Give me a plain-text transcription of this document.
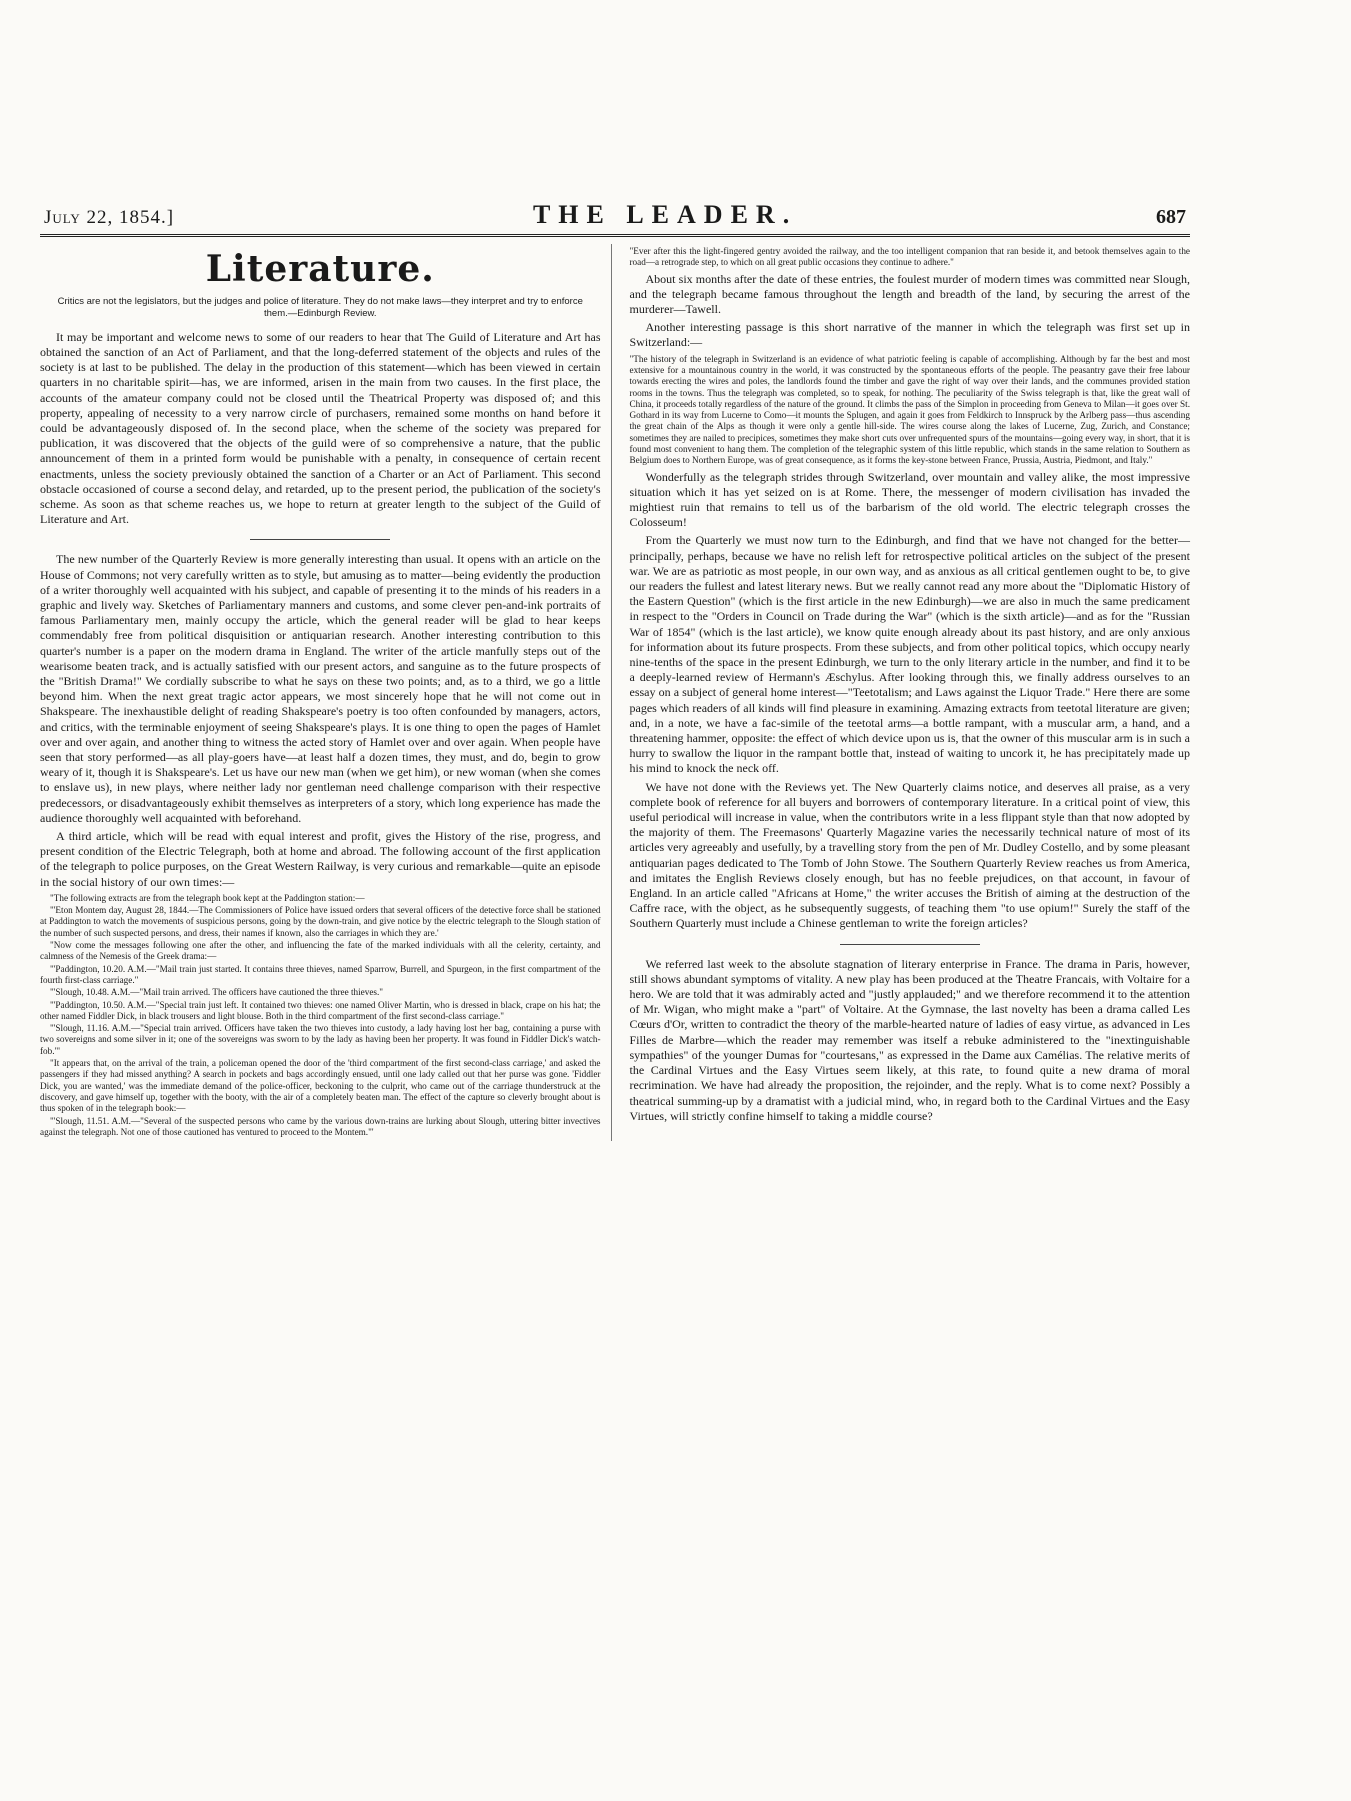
July 22, 1854.]	THE LEADER.	687
Literature.
Critics are not the legislators, but the judges and police of literature. They do not make laws—they interpret and try to enforce them.—Edinburgh Review.

It may be important and welcome news to some of our readers to hear that The Guild of Literature and Art has obtained the sanction of an Act of Parliament, and that the long-deferred statement of the objects and rules of the society is at last to be published. The delay in the production of this statement—which has been viewed in certain quarters in no charitable spirit—has, we are informed, arisen in the main from two causes. In the first place, the accounts of the amateur company could not be closed until the Theatrical Property was disposed of; and this property, appealing of necessity to a very narrow circle of purchasers, remained some months on hand before it could be advantageously disposed of. In the second place, when the scheme of the society was prepared for publication, it was discovered that the objects of the guild were of so comprehensive a nature, that the public announcement of them in a printed form would be punishable with a penalty, in consequence of certain recent enactments, unless the society previously obtained the sanction of a Charter or an Act of Parliament. This second obstacle occasioned of course a second delay, and retarded, up to the present period, the publication of the society's scheme. As soon as that scheme reaches us, we hope to return at greater length to the subject of the Guild of Literature and Art.

The new number of the Quarterly Review is more generally interesting than usual. It opens with an article on the House of Commons; not very carefully written as to style, but amusing as to matter—being evidently the production of a writer thoroughly well acquainted with his subject, and capable of presenting it to the minds of his readers in a graphic and lively way. Sketches of Parliamentary manners and customs, and some clever pen-and-ink portraits of famous Parliamentary men, mainly occupy the article, which the general reader will be glad to hear keeps commendably free from political disquisition or antiquarian research. Another interesting contribution to this quarter's number is a paper on the modern drama in England. The writer of the article manfully steps out of the wearisome beaten track, and is actually satisfied with our present actors, and sanguine as to the future prospects of the "British Drama!" We cordially subscribe to what he says on these two points; and, as to a third, we go a little beyond him. When the next great tragic actor appears, we most sincerely hope that he will not come out in Shakspeare. The inexhaustible delight of reading Shakspeare's poetry is too often confounded by managers, actors, and critics, with the terminable enjoyment of seeing Shakspeare's plays. It is one thing to open the pages of Hamlet over and over again, and another thing to witness the acted story of Hamlet over and over again. When people have seen that story performed—as all play-goers have—at least half a dozen times, they must, and do, begin to grow weary of it, though it is Shakspeare's. Let us have our new man (when we get him), or new woman (when she comes to enslave us), in new plays, where neither lady nor gentleman need challenge comparison with their respective predecessors, or disadvantageously exhibit themselves as interpreters of a story, which long experience has made the audience thoroughly well acquainted with beforehand.

A third article, which will be read with equal interest and profit, gives the History of the rise, progress, and present condition of the Electric Telegraph, both at home and abroad. The following account of the first application of the telegraph to police purposes, on the Great Western Railway, is very curious and remarkable—quite an episode in the social history of our own times:—

"The following extracts are from the telegraph book kept at the Paddington station:—
"'Eton Montem day, August 28, 1844.—The Commissioners of Police have issued orders that several officers of the detective force shall be stationed at Paddington to watch the movements of suspicious persons, going by the down-train, and give notice by the electric telegraph to the Slough station of the number of such suspected persons, and dress, their names if known, also the carriages in which they are.'
"Now come the messages following one after the other, and influencing the fate of the marked individuals with all the celerity, certainty, and calmness of the Nemesis of the Greek drama:—
"'Paddington, 10.20. A.M.—"Mail train just started. It contains three thieves, named Sparrow, Burrell, and Spurgeon, in the first compartment of the fourth first-class carriage."
"'Slough, 10.48. A.M.—"Mail train arrived. The officers have cautioned the three thieves."
"'Paddington, 10.50. A.M.—"Special train just left. It contained two thieves: one named Oliver Martin, who is dressed in black, crape on his hat; the other named Fiddler Dick, in black trousers and light blouse. Both in the third compartment of the first second-class carriage."
"'Slough, 11.16. A.M.—"Special train arrived. Officers have taken the two thieves into custody, a lady having lost her bag, containing a purse with two sovereigns and some silver in it; one of the sovereigns was sworn to by the lady as having been her property. It was found in Fiddler Dick's watch-fob."'
"It appears that, on the arrival of the train, a policeman opened the door of the 'third compartment of the first second-class carriage,' and asked the passengers if they had missed anything? A search in pockets and bags accordingly ensued, until one lady called out that her purse was gone. 'Fiddler Dick, you are wanted,' was the immediate demand of the police-officer, beckoning to the culprit, who came out of the carriage thunderstruck at the discovery, and gave himself up, together with the booty, with the air of a completely beaten man. The effect of the capture so cleverly brought about is thus spoken of in the telegraph book:—
"'Slough, 11.51. A.M.—"Several of the suspected persons who came by the various down-trains are lurking about Slough, uttering bitter invectives against the telegraph. Not one of those cautioned has ventured to proceed to the Montem."'
"Ever after this the light-fingered gentry avoided the railway, and the too intelligent companion that ran beside it, and betook themselves again to the road—a retrograde step, to which on all great public occasions they continue to adhere."

About six months after the date of these entries, the foulest murder of modern times was committed near Slough, and the telegraph became famous throughout the length and breadth of the land, by securing the arrest of the murderer—Tawell.

Another interesting passage is this short narrative of the manner in which the telegraph was first set up in Switzerland:—

"The history of the telegraph in Switzerland is an evidence of what patriotic feeling is capable of accomplishing. Although by far the best and most extensive for a mountainous country in the world, it was constructed by the spontaneous efforts of the people. The peasantry gave their free labour towards erecting the wires and poles, the landlords found the timber and gave the right of way over their lands, and the communes provided station rooms in the towns. Thus the telegraph was completed, so to speak, for nothing. The peculiarity of the Swiss telegraph is that, like the great wall of China, it proceeds totally regardless of the nature of the ground. It climbs the pass of the Simplon in proceeding from Geneva to Milan—it goes over St. Gothard in its way from Lucerne to Como—it mounts the Splugen, and again it goes from Feldkirch to Innspruck by the Arlberg pass—thus ascending the great chain of the Alps as though it were only a gentle hill-side. The wires course along the lakes of Lucerne, Zug, Zurich, and Constance; sometimes they are nailed to precipices, sometimes they make short cuts over unfrequented spurs of the mountains—going every way, in short, that it is found most convenient to hang them. The completion of the telegraphic system of this little republic, which stands in the same relation to Southern as Belgium does to Northern Europe, was of great consequence, as it forms the key-stone between France, Prussia, Austria, Piedmont, and Italy."

Wonderfully as the telegraph strides through Switzerland, over mountain and valley alike, the most impressive situation which it has yet seized on is at Rome. There, the messenger of modern civilisation has invaded the mightiest ruin that remains to tell us of the barbarism of the old world. The electric telegraph crosses the Colosseum!

From the Quarterly we must now turn to the Edinburgh, and find that we have not changed for the better—principally, perhaps, because we have no relish left for retrospective political articles on the subject of the present war. We are as patriotic as most people, in our own way, and as anxious as all critical gentlemen ought to be, to give our readers the fullest and latest literary news. But we really cannot read any more about the "Diplomatic History of the Eastern Question" (which is the first article in the new Edinburgh)—we are also in much the same predicament in respect to the "Orders in Council on Trade during the War" (which is the sixth article)—and as for the "Russian War of 1854" (which is the last article), we know quite enough already about its past history, and are only anxious for information about its future prospects. From these subjects, and from other political topics, which occupy nearly nine-tenths of the space in the present Edinburgh, we turn to the only literary article in the number, and find it to be a deeply-learned review of Hermann's Æschylus. After looking through this, we finally address ourselves to an essay on a subject of general home interest—"Teetotalism; and Laws against the Liquor Trade." Here there are some pages which readers of all kinds will find pleasure in examining. Amazing extracts from teetotal literature are given; and, in a note, we have a fac-simile of the teetotal arms—a bottle rampant, with a muscular arm, a hand, and a threatening hammer, opposite: the effect of which device upon us is, that the owner of this muscular arm is in such a hurry to swallow the liquor in the rampant bottle that, instead of waiting to uncork it, he has precipitately made up his mind to knock the neck off.

We have not done with the Reviews yet. The New Quarterly claims notice, and deserves all praise, as a very complete book of reference for all buyers and borrowers of contemporary literature. In a critical point of view, this useful periodical will increase in value, when the contributors write in a less flippant style than that now adopted by the majority of them. The Freemasons' Quarterly Magazine varies the necessarily technical nature of most of its articles very agreeably and usefully, by a travelling story from the pen of Mr. Dudley Costello, and by some pleasant antiquarian pages dedicated to The Tomb of John Stowe. The Southern Quarterly Review reaches us from America, and imitates the English Reviews closely enough, but has no feeble prejudices, on that account, in favour of England. In an article called "Africans at Home," the writer accuses the British of aiming at the destruction of the Caffre race, with the object, as he subsequently suggests, of teaching them "to use opium!" Surely the staff of the Southern Quarterly must include a Chinese gentleman to write the foreign articles?

We referred last week to the absolute stagnation of literary enterprise in France. The drama in Paris, however, still shows abundant symptoms of vitality. A new play has been produced at the Theatre Francais, with Voltaire for a hero. We are told that it was admirably acted and "justly applauded;" and we therefore recommend it to the attention of Mr. Wigan, who might make a "part" of Voltaire. At the Gymnase, the last novelty has been a drama called Les Cœurs d'Or, written to contradict the theory of the marble-hearted nature of ladies of easy virtue, as advanced in Les Filles de Marbre—which the reader may remember was itself a rebuke administered to the "inextinguishable sympathies" of the younger Dumas for "courtesans," as expressed in the Dame aux Camélias. The relative merits of the Cardinal Virtues and the Easy Virtues seem likely, at this rate, to found quite a new drama of moral recrimination. We have had already the proposition, the rejoinder, and the reply. What is to come next? Possibly a theatrical summing-up by a dramatist with a judicial mind, who, in regard both to the Cardinal Virtues and the Easy Virtues, will strictly confine himself to taking a middle course?
